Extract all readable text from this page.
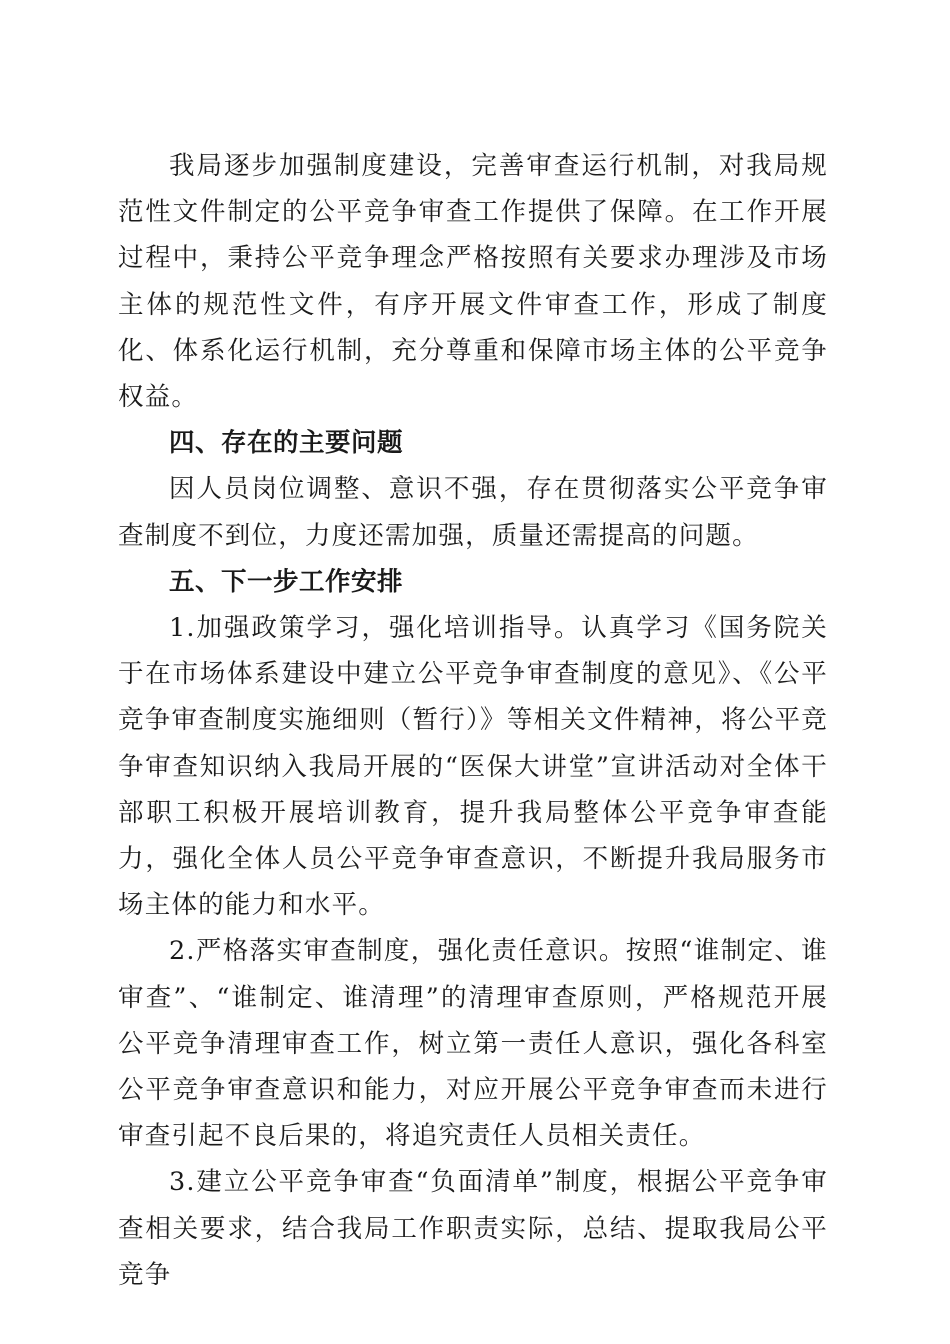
我局逐步加强制度建设，完善审查运行机制，对我局规范性文件制定的公平竞争审查工作提供了保障。在工作开展过程中，秉持公平竞争理念严格按照有关要求办理涉及市场主体的规范性文件，有序开展文件审查工作，形成了制度化、体系化运行机制，充分尊重和保障市场主体的公平竞争权益。

四、存在的主要问题

因人员岗位调整、意识不强，存在贯彻落实公平竞争审查制度不到位，力度还需加强，质量还需提高的问题。

五、下一步工作安排

1.加强政策学习，强化培训指导。认真学习《国务院关于在市场体系建设中建立公平竞争审查制度的意见》、《公平竞争审查制度实施细则（暂行）》等相关文件精神，将公平竞争审查知识纳入我局开展的“医保大讲堂”宣讲活动对全体干部职工积极开展培训教育，提升我局整体公平竞争审查能力，强化全体人员公平竞争审查意识，不断提升我局服务市场主体的能力和水平。

2.严格落实审查制度，强化责任意识。按照“谁制定、谁审查”、“谁制定、谁清理”的清理审查原则，严格规范开展公平竞争清理审查工作，树立第一责任人意识，强化各科室公平竞争审查意识和能力，对应开展公平竞争审查而未进行审查引起不良后果的，将追究责任人员相关责任。

3.建立公平竞争审查“负面清单”制度，根据公平竞争审查相关要求，结合我局工作职责实际，总结、提取我局公平竞争
